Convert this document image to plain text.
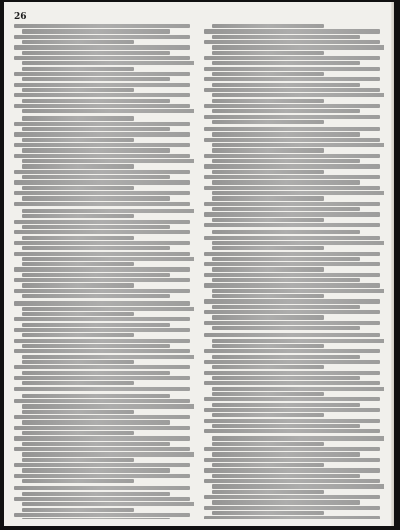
26
